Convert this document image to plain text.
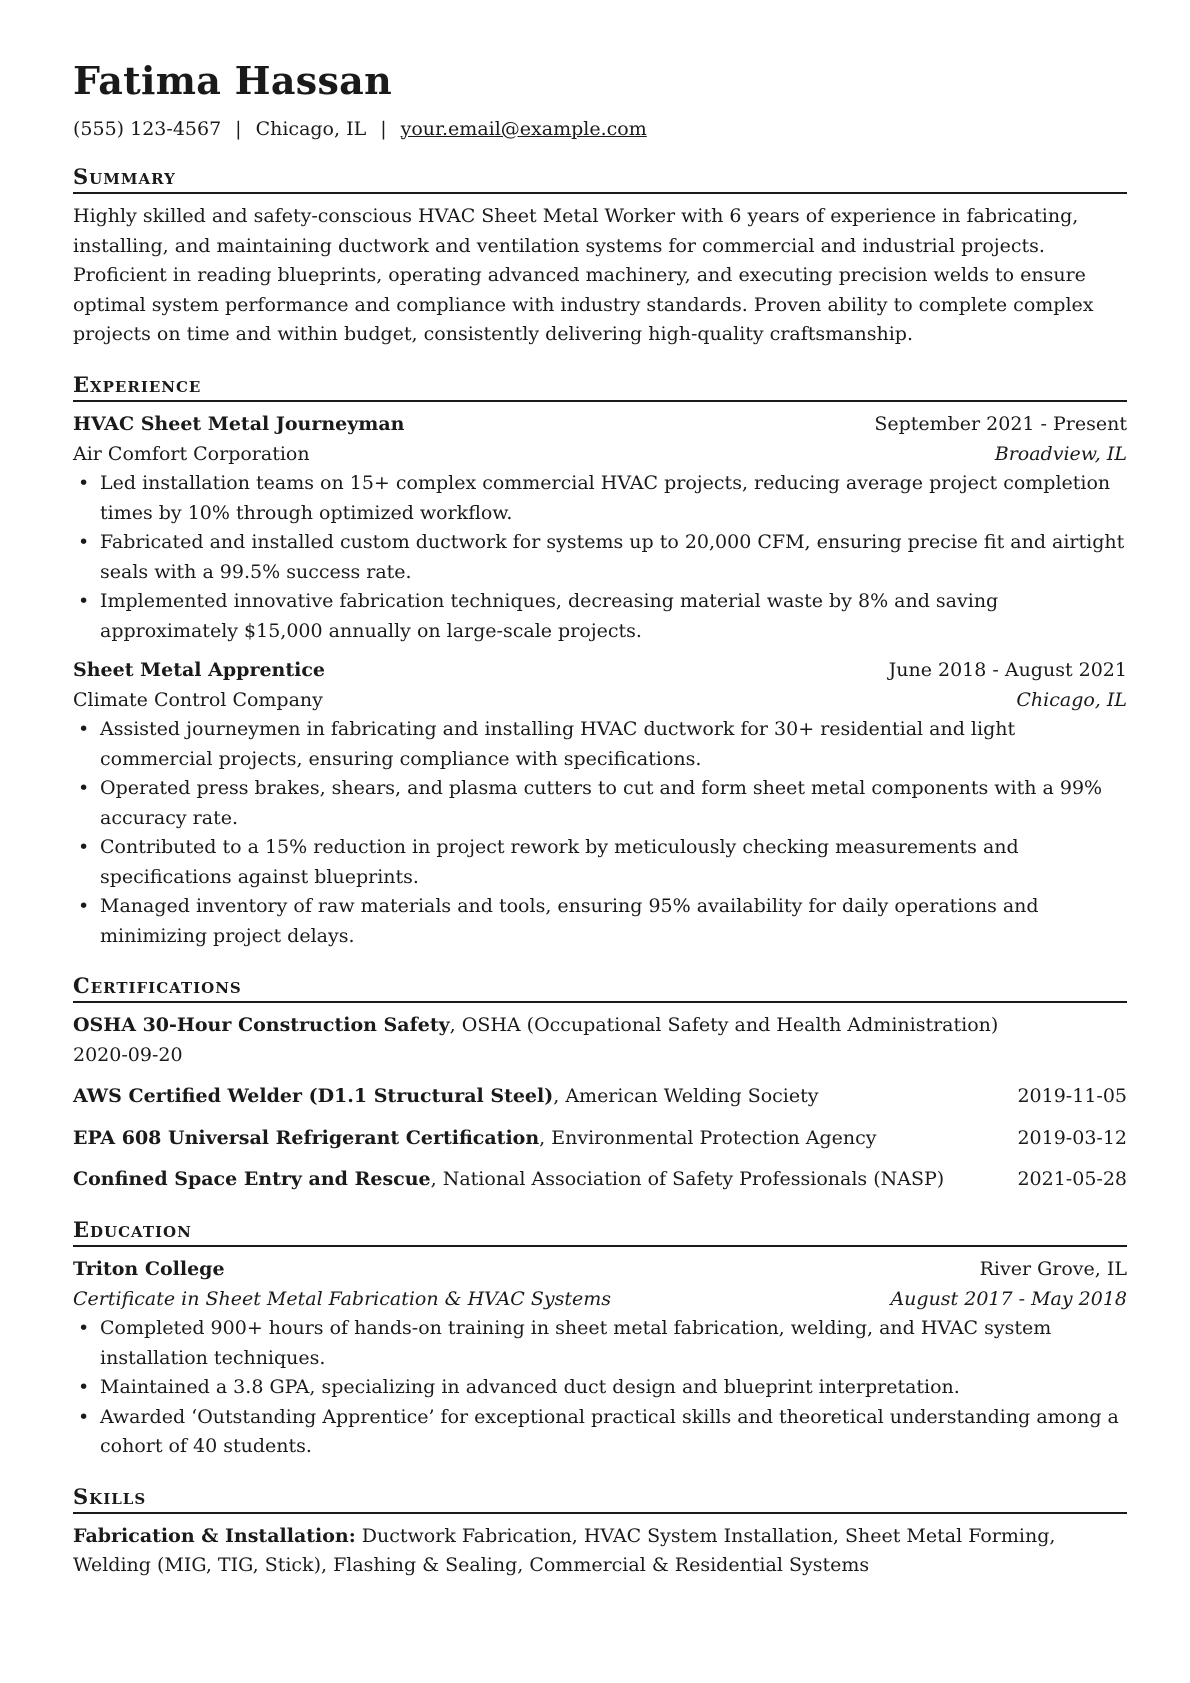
Fatima Hassan
(555) 123-4567 | Chicago, IL | your.email@example.com
Summary

Highly skilled and safety-conscious HVAC Sheet Metal Worker with 6 years of experience in fabricating, installing, and maintaining ductwork and ventilation systems for commercial and industrial projects. Proficient in reading blueprints, operating advanced machinery, and executing precision welds to ensure optimal system performance and compliance with industry standards. Proven ability to complete complex projects on time and within budget, consistently delivering high-quality craftsmanship.

Experience
HVAC Sheet Metal Journeyman	September 2021 - Present
Air Comfort Corporation	Broadview, IL
• Led installation teams on 15+ complex commercial HVAC projects, reducing average project completion times by 10% through optimized workflow.
• Fabricated and installed custom ductwork for systems up to 20,000 CFM, ensuring precise fit and airtight seals with a 99.5% success rate.
• Implemented innovative fabrication techniques, decreasing material waste by 8% and saving approximately $15,000 annually on large-scale projects.
Sheet Metal Apprentice	June 2018 - August 2021
Climate Control Company	Chicago, IL
• Assisted journeymen in fabricating and installing HVAC ductwork for 30+ residential and light commercial projects, ensuring compliance with specifications.
• Operated press brakes, shears, and plasma cutters to cut and form sheet metal components with a 99% accuracy rate.
• Contributed to a 15% reduction in project rework by meticulously checking measurements and specifications against blueprints.
• Managed inventory of raw materials and tools, ensuring 95% availability for daily operations and minimizing project delays.
Certifications
OSHA 30-Hour Construction Safety, OSHA (Occupational Safety and Health Administration)
2020-09-20
AWS Certified Welder (D1.1 Structural Steel), American Welding Society	2019-11-05
EPA 608 Universal Refrigerant Certification, Environmental Protection Agency	2019-03-12
Confined Space Entry and Rescue, National Association of Safety Professionals (NASP)	2021-05-28
Education
Triton College	River Grove, IL
Certificate in Sheet Metal Fabrication & HVAC Systems	August 2017 - May 2018
• Completed 900+ hours of hands-on training in sheet metal fabrication, welding, and HVAC system installation techniques.
• Maintained a 3.8 GPA, specializing in advanced duct design and blueprint interpretation.
• Awarded ‘Outstanding Apprentice’ for exceptional practical skills and theoretical understanding among a cohort of 40 students.
Skills

Fabrication & Installation: Ductwork Fabrication, HVAC System Installation, Sheet Metal Forming, Welding (MIG, TIG, Stick), Flashing & Sealing, Commercial & Residential Systems
